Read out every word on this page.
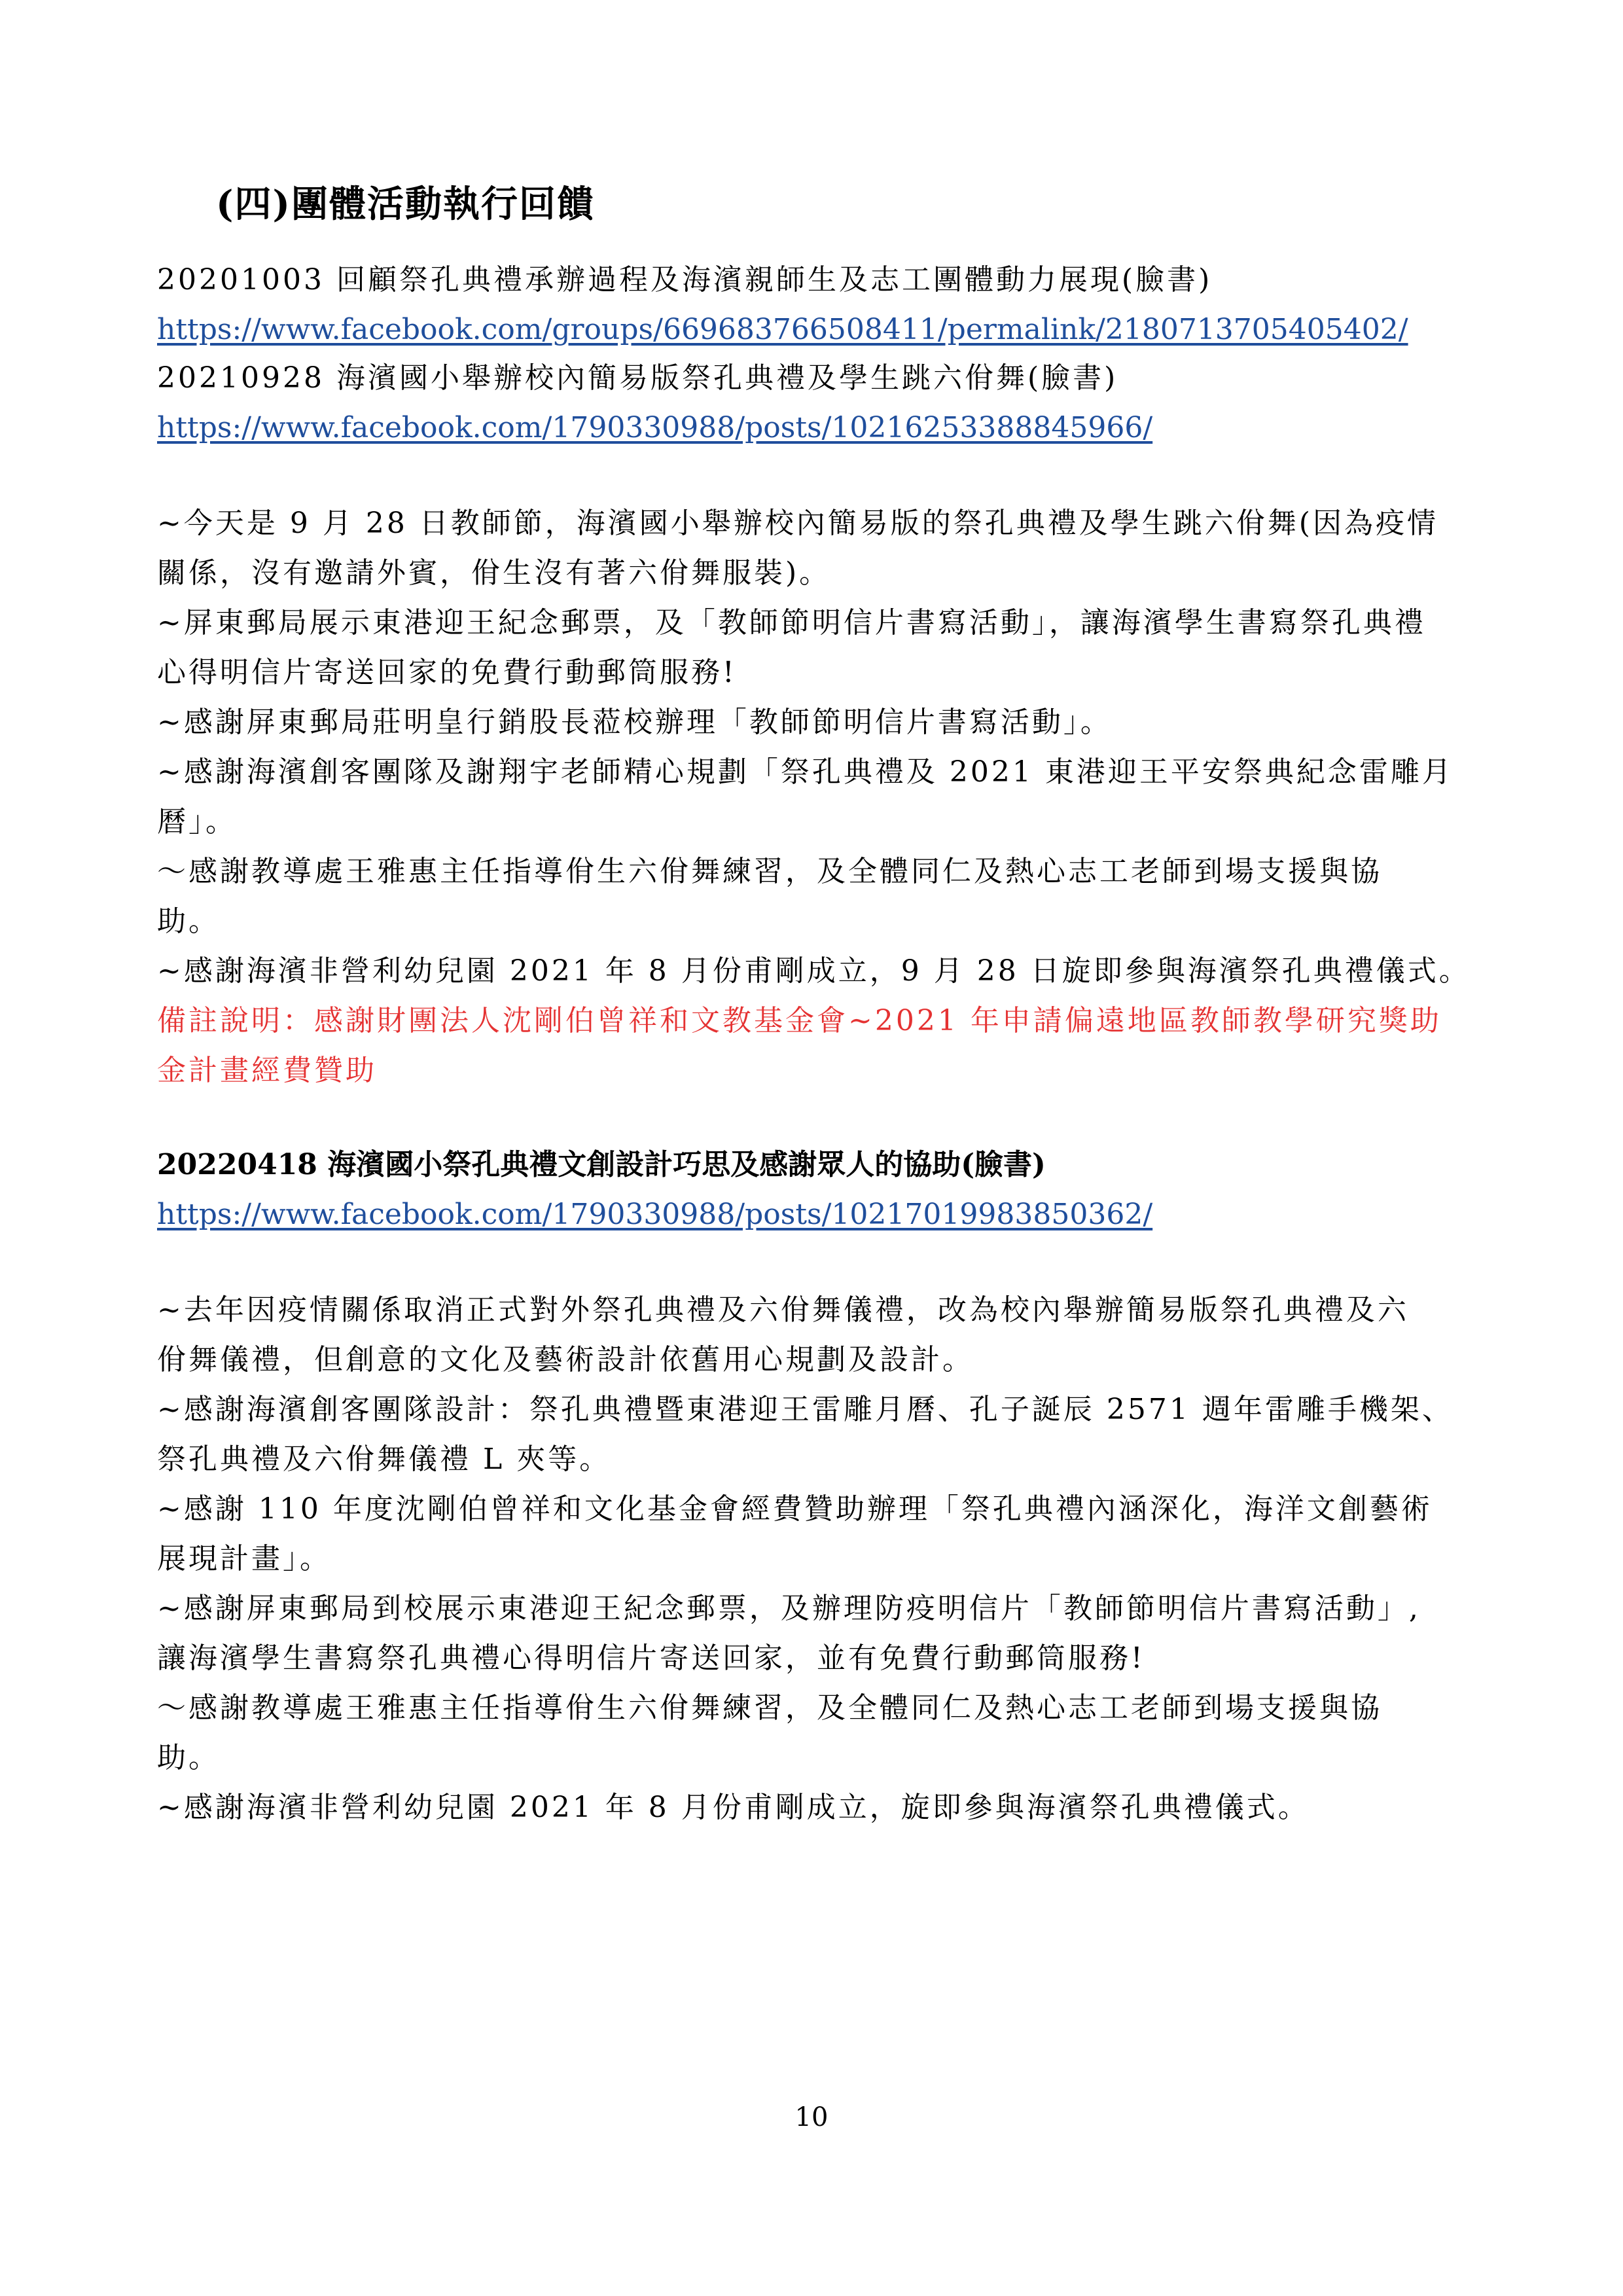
(四)團體活動執行回饋
20201003 回顧祭孔典禮承辦過程及海濱親師生及志工團體動力展現(臉書)
https://www.facebook.com/groups/669683766508411/permalink/2180713705405402/
20210928 海濱國小舉辦校內簡易版祭孔典禮及學生跳六佾舞(臉書)
https://www.facebook.com/1790330988/posts/10216253388845966/
~今天是 9 月 28 日教師節，海濱國小舉辦校內簡易版的祭孔典禮及學生跳六佾舞(因為疫情
關係，沒有邀請外賓，佾生沒有著六佾舞服裝)。
~屏東郵局展示東港迎王紀念郵票，及「教師節明信片書寫活動」，讓海濱學生書寫祭孔典禮
心得明信片寄送回家的免費行動郵筒服務!
~感謝屏東郵局莊明皇行銷股長蒞校辦理「教師節明信片書寫活動」。
~感謝海濱創客團隊及謝翔宇老師精心規劃「祭孔典禮及 2021 東港迎王平安祭典紀念雷雕月
曆」。
～感謝教導處王雅惠主任指導佾生六佾舞練習，及全體同仁及熱心志工老師到場支援與協
助。
~感謝海濱非營利幼兒園 2021 年 8 月份甫剛成立，9 月 28 日旋即參與海濱祭孔典禮儀式。
備註說明：感謝財團法人沈剛伯曾祥和文教基金會~2021 年申請偏遠地區教師教學研究獎助
金計畫經費贊助
20220418 海濱國小祭孔典禮文創設計巧思及感謝眾人的協助(臉書)
https://www.facebook.com/1790330988/posts/10217019983850362/
~去年因疫情關係取消正式對外祭孔典禮及六佾舞儀禮，改為校內舉辦簡易版祭孔典禮及六
佾舞儀禮，但創意的文化及藝術設計依舊用心規劃及設計。
~感謝海濱創客團隊設計：祭孔典禮暨東港迎王雷雕月曆、孔子誕辰 2571 週年雷雕手機架、
祭孔典禮及六佾舞儀禮 L 夾等。
~感謝 110 年度沈剛伯曾祥和文化基金會經費贊助辦理「祭孔典禮內涵深化，海洋文創藝術
展現計畫」。
~感謝屏東郵局到校展示東港迎王紀念郵票，及辦理防疫明信片「教師節明信片書寫活動」,
讓海濱學生書寫祭孔典禮心得明信片寄送回家，並有免費行動郵筒服務!
～感謝教導處王雅惠主任指導佾生六佾舞練習，及全體同仁及熱心志工老師到場支援與協
助。
~感謝海濱非營利幼兒園 2021 年 8 月份甫剛成立，旋即參與海濱祭孔典禮儀式。
10
